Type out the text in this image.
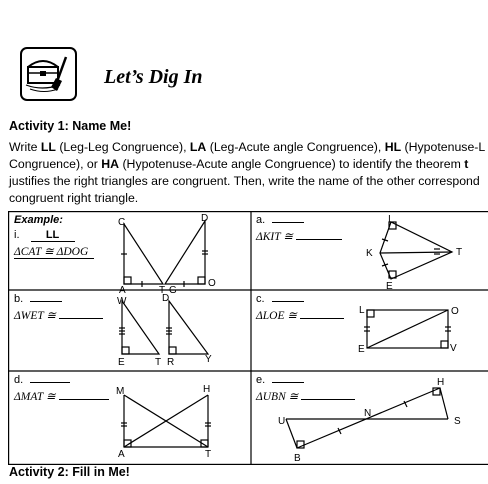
Let’s Dig In
Activity 1: Name Me!
Write LL (Leg-Leg Congruence), LA (Leg-Acute angle Congruence), HL (Hypotenuse-L
Congruence), or HA (Hypotenuse-Acute angle Congruence) to identify the theorem t
justifies the right triangles are congruent. Then, write the name of the other correspond
congruent right triangle.
C
A	T
D
G
O
I
K	T
E
W	D
E	T R	Y
L	O
E	V
M	H
A	T
H
U
N
S
B
Example:
i. LL
ΔCAT ≅ ΔDOG
a.
ΔKIT ≅
b.
ΔWET ≅
c.
ΔLOE ≅
d.
ΔMAT ≅
e.
ΔUBN ≅
Activity 2: Fill in Me!
